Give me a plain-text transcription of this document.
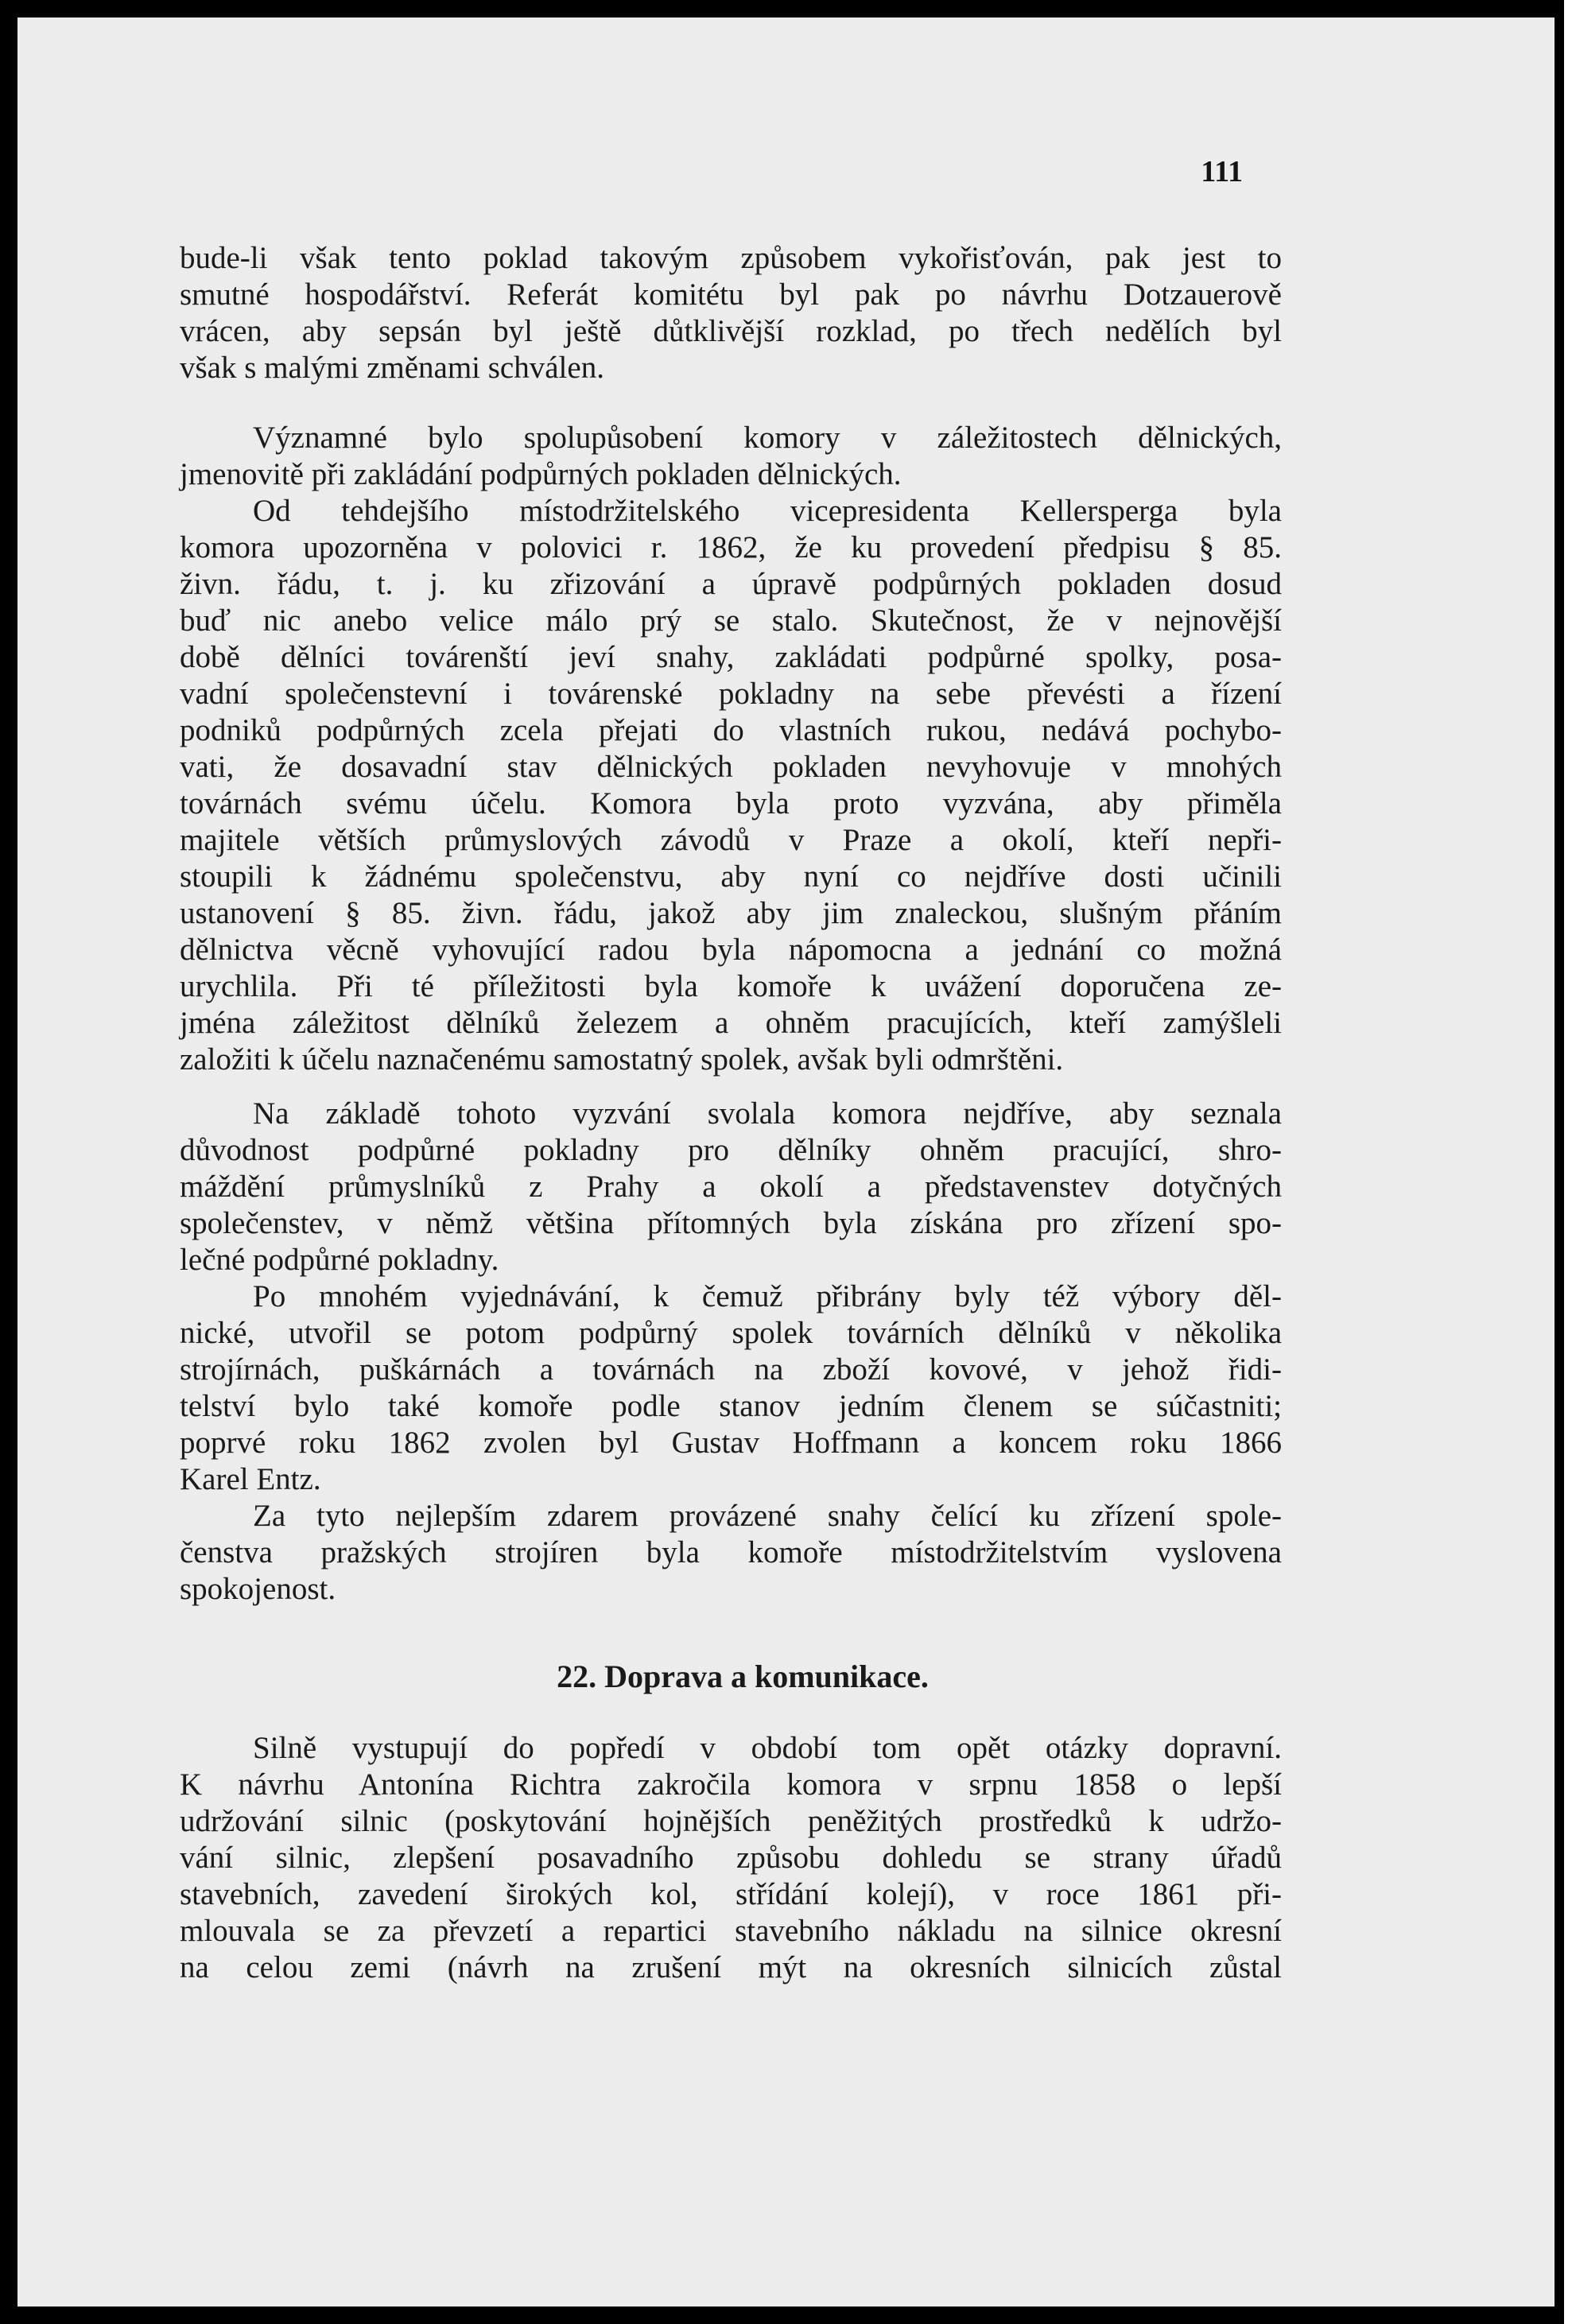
111
bude-li však tento poklad takovým způsobem vykořisťován, pak jest to
smutné hospodářství. Referát komitétu byl pak po návrhu Dotzauerově
vrácen, aby sepsán byl ještě důtklivější rozklad, po třech nedělích byl
však s malými změnami schválen.
Významné bylo spolupůsobení komory v záležitostech dělnických,
jmenovitě při zakládání podpůrných pokladen dělnických.
Od tehdejšího místodržitelského vicepresidenta Kellersperga byla
komora upozorněna v polovici r. 1862, že ku provedení předpisu § 85.
živn. řádu, t. j. ku zřizování a úpravě podpůrných pokladen dosud
buď nic anebo velice málo prý se stalo. Skutečnost, že v nejnovější
době dělníci továrenští jeví snahy, zakládati podpůrné spolky, posa-
vadní společenstevní i továrenské pokladny na sebe převésti a řízení
podniků podpůrných zcela přejati do vlastních rukou, nedává pochybo-
vati, že dosavadní stav dělnických pokladen nevyhovuje v mnohých
továrnách svému účelu. Komora byla proto vyzvána, aby přiměla
majitele větších průmyslových závodů v Praze a okolí, kteří nepři-
stoupili k žádnému společenstvu, aby nyní co nejdříve dosti učinili
ustanovení § 85. živn. řádu, jakož aby jim znaleckou, slušným přáním
dělnictva věcně vyhovující radou byla nápomocna a jednání co možná
urychlila. Při té příležitosti byla komoře k uvážení doporučena ze-
jména záležitost dělníků železem a ohněm pracujících, kteří zamýšleli
založiti k účelu naznačenému samostatný spolek, avšak byli odmrštěni.
Na základě tohoto vyzvání svolala komora nejdříve, aby seznala
důvodnost podpůrné pokladny pro dělníky ohněm pracující, shro-
máždění průmyslníků z Prahy a okolí a představenstev dotyčných
společenstev, v němž většina přítomných byla získána pro zřízení spo-
lečné podpůrné pokladny.
Po mnohém vyjednávání, k čemuž přibrány byly též výbory děl-
nické, utvořil se potom podpůrný spolek továrních dělníků v několika
strojírnách, puškárnách a továrnách na zboží kovové, v jehož řidi-
telství bylo také komoře podle stanov jedním členem se súčastniti;
poprvé roku 1862 zvolen byl Gustav Hoffmann a koncem roku 1866
Karel Entz.
Za tyto nejlepším zdarem provázené snahy čelící ku zřízení spole-
čenstva pražských strojíren byla komoře místodržitelstvím vyslovena
spokojenost.
22. Doprava a komunikace.
Silně vystupují do popředí v období tom opět otázky dopravní.
K návrhu Antonína Richtra zakročila komora v srpnu 1858 o lepší
udržování silnic (poskytování hojnějších peněžitých prostředků k udržo-
vání silnic, zlepšení posavadního způsobu dohledu se strany úřadů
stavebních, zavedení širokých kol, střídání kolejí), v roce 1861 při-
mlouvala se za převzetí a repartici stavebního nákladu na silnice okresní
na celou zemi (návrh na zrušení mýt na okresních silnicích zůstal
